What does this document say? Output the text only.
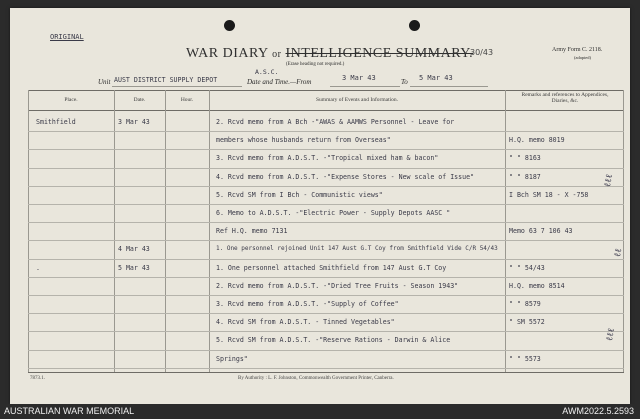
ORIGINAL
WAR DIARY or INTELLIGENCE SUMMARY.
(Erase heading not required.)
30/43	Army Form C. 2118.
(adapted)
Unit
A.S.C.
AUST DISTRICT SUPPLY DEPOT	Date and Time.—From	3 Mar 43	To 5 Mar 43
Place.	Date.	Hour.	Summary of Events and Information.
Remarks and references to Appendices, Diaries, &c.
Smithfield	3 Mar 43	2. Rcvd memo from A Bch -"AWAS & AAMWS Personnel - Leave for
members whose husbands return from Overseas"	H.Q. memo 8019
3. Rcvd memo from A.D.S.T. -"Tropical mixed ham & bacon"	" " 8163
4. Rcvd memo from A.D.S.T. -"Expense Stores - New scale of Issue"	" " 8187
5. Rcvd SM from I Bch - Communistic views"	I Bch SM 18 - X -758
6. Memo to A.D.S.T. -"Electric Power - Supply Depots AASC "
Ref H.Q. memo 7131	Memo 63 7 106 43
4 Mar 43	1. One personnel rejoined Unit 147 Aust G.T Coy from Smithfield Vide C/R 54/43
.	5 Mar 43	1. One personnel attached Smithfield from 147 Aust G.T Coy	" " 54/43
2. Rcvd memo from A.D.S.T. -"Dried Tree Fruits - Season 1943"	H.Q. memo 8514
3. Rcvd memo from A.D.S.T. -"Supply of Coffee"	" " 8579
4. Rcvd SM from A.D.S.T. - Tinned Vegetables"	" SM 5572
5. Rcvd SM from A.D.S.T. -"Reserve Rations - Darwin & Alice
Springs"	" " 5573
7873.1.	By Authority : L. F. Johnston, Commonwealth Government Printer, Canberra.
ℓℓℓ
ℓℓ
ℓℓℓ
AUSTRALIAN WAR MEMORIAL	AWM2022.5.2593
